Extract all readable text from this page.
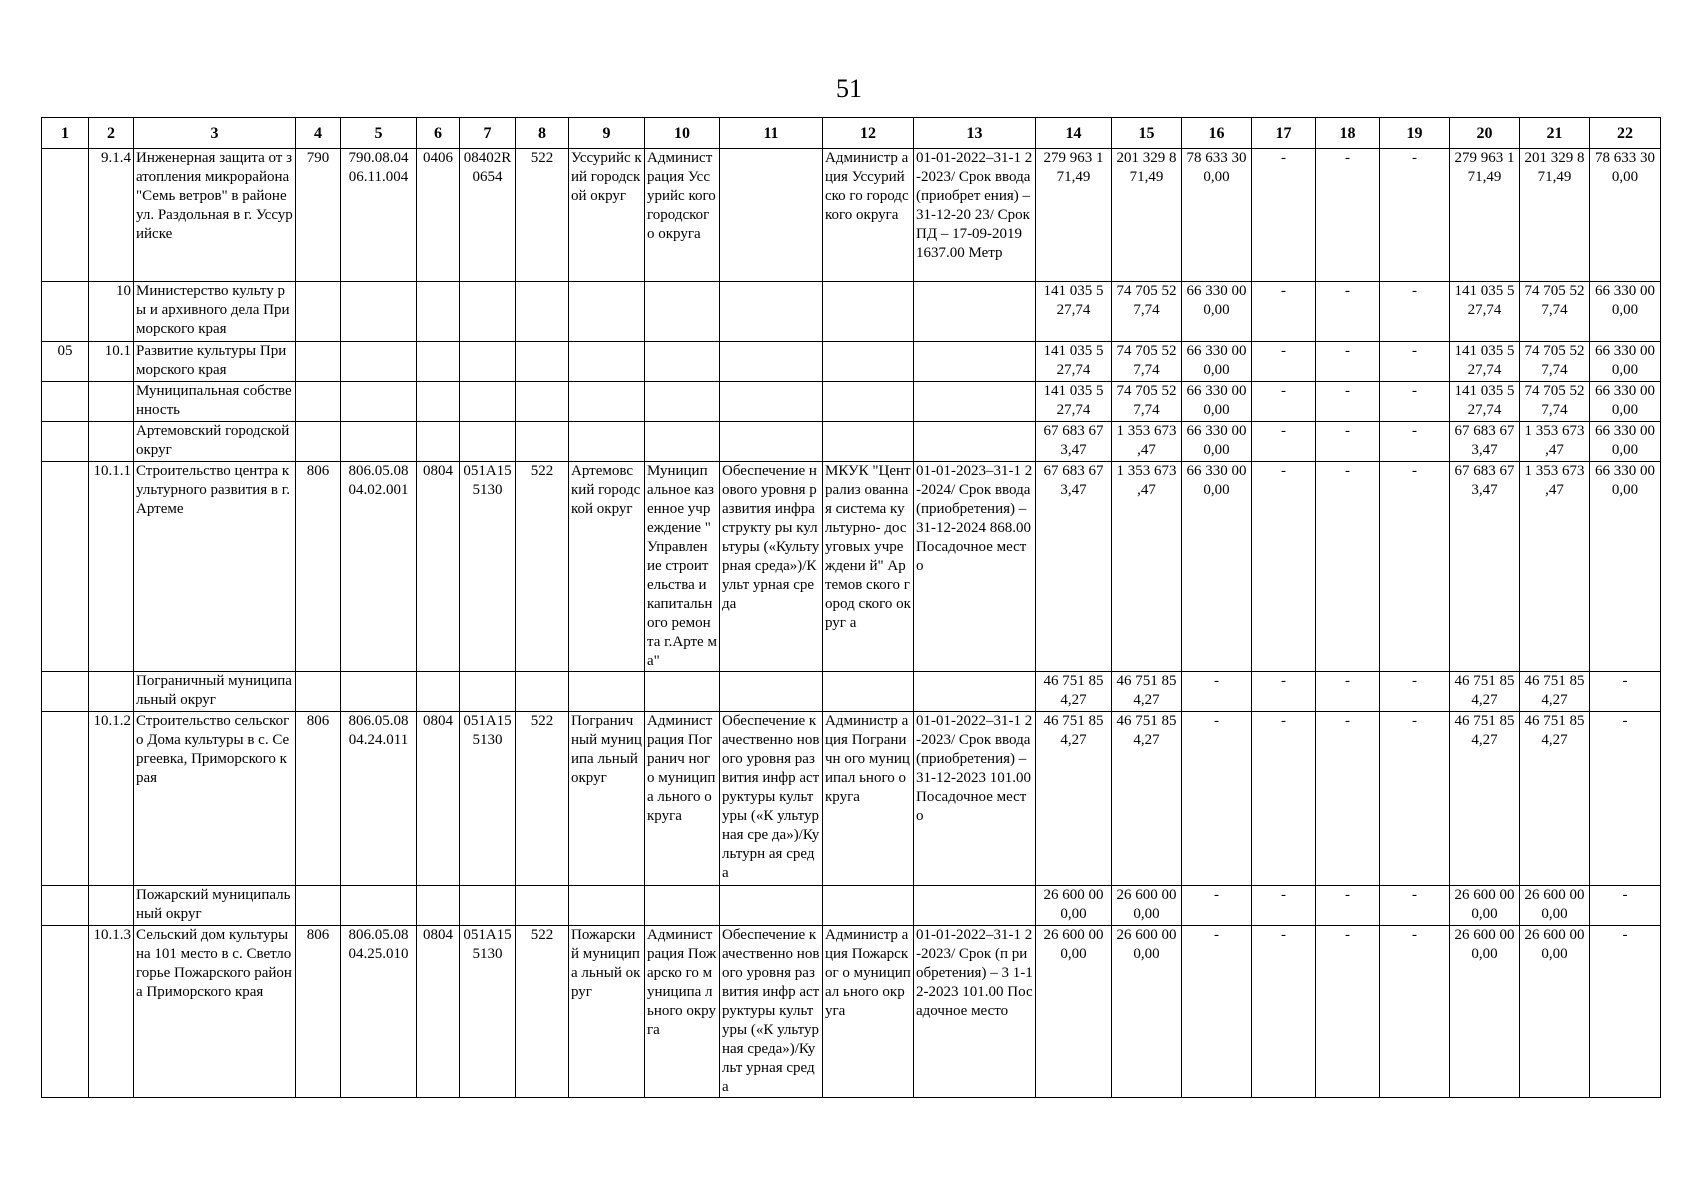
51
1	2	3	4	5	6	7	8	9	10	11	12	13	14	15	16	17	18	19	20	21	22
	9.1.4	Инженерная защита от затопления микрорайона "Семь ветров" в районе ул. Раздольная в г. Уссурийске	790	790.08.04 06.11.004	0406	08402R 0654	522	Уссурийс кий городской округ	Админист рация Уссурийс кого городског о округа		Администр ация Уссурийско го городского округа	01-01-2022–31-1 2-2023/ Срок ввода (приобрет ения) – 31-12-20 23/ Срок ПД – 17-09-2019 1637.00 Метр	279 963 1 71,49	201 329 8 71,49	78 633 30 0,00	-	-	-	279 963 1 71,49	201 329 8 71,49	78 633 30 0,00
	10	Министерство культу ры и архивного дела Приморского края											141 035 5 27,74	74 705 52 7,74	66 330 00 0,00	-	-	-	141 035 5 27,74	74 705 52 7,74	66 330 00 0,00
05	10.1	Развитие культуры Приморского края											141 035 5 27,74	74 705 52 7,74	66 330 00 0,00	-	-	-	141 035 5 27,74	74 705 52 7,74	66 330 00 0,00
		Муниципальная собственность											141 035 5 27,74	74 705 52 7,74	66 330 00 0,00	-	-	-	141 035 5 27,74	74 705 52 7,74	66 330 00 0,00
		Артемовский городской округ											67 683 67 3,47	1 353 673 ,47	66 330 00 0,00	-	-	-	67 683 67 3,47	1 353 673 ,47	66 330 00 0,00
	10.1.1	Строительство центра культурного развития в г. Артеме	806	806.05.08 04.02.001	0804	051A15 5130	522	Артемовс кий городской округ	Муницип альное каз енное учр еждение " Управлен ие строит ельства и капитальн ого ремон та г.Арте ма"	Обеспечение нового уровня развития инфраструкту ры культуры («Культурная среда»)/Культ урная среда	МКУК "Централиз ованная система культурно- досуговых учреждени й" Артемов ского город ского округ а	01-01-2023–31-1 2-2024/ Срок ввода (приобретения) – 31-12-2024 868.00 Посадочное место	67 683 67 3,47	1 353 673 ,47	66 330 00 0,00	-	-	-	67 683 67 3,47	1 353 673 ,47	66 330 00 0,00
		Пограничный муниципальный округ											46 751 85 4,27	46 751 85 4,27	-	-	-	-	46 751 85 4,27	46 751 85 4,27	-
	10.1.2	Строительство сельского Дома культуры в с. Сергеевка, Приморского края	806	806.05.08 04.24.011	0804	051A15 5130	522	Погранич ный муниципа льный округ	Админист рация Погранич ного муниципа льного округа	Обеспечение качественно нового уровня развития инфр аструктуры культуры («К ультурная сре да»)/Культурн ая среда	Администр ация Пограничн ого муниципал ьного округа	01-01-2022–31-1 2-2023/ Срок ввода (приобретения) – 31-12-2023 101.00 Посадочное место	46 751 85 4,27	46 751 85 4,27	-	-	-	-	46 751 85 4,27	46 751 85 4,27	-
		Пожарский муниципальный округ											26 600 00 0,00	26 600 00 0,00	-	-	-	-	26 600 00 0,00	26 600 00 0,00	-
	10.1.3	Сельский дом культуры на 101 место в с. Светлогорье Пожарского района Приморского края	806	806.05.08 04.25.010	0804	051A15 5130	522	Пожарски й муниципа льный округ	Админист рация Пожарско го муниципа льного округа	Обеспечение качественно нового уровня развития инфр аструктуры культуры («К ультурная среда»)/Культ урная среда	Администр ация Пожарског о муниципал ьного округа	01-01-2022–31-1 2-2023/ Срок (п риобретения) – 3 1-12-2023 101.00 Посадочное место	26 600 00 0,00	26 600 00 0,00	-	-	-	-	26 600 00 0,00	26 600 00 0,00	-
